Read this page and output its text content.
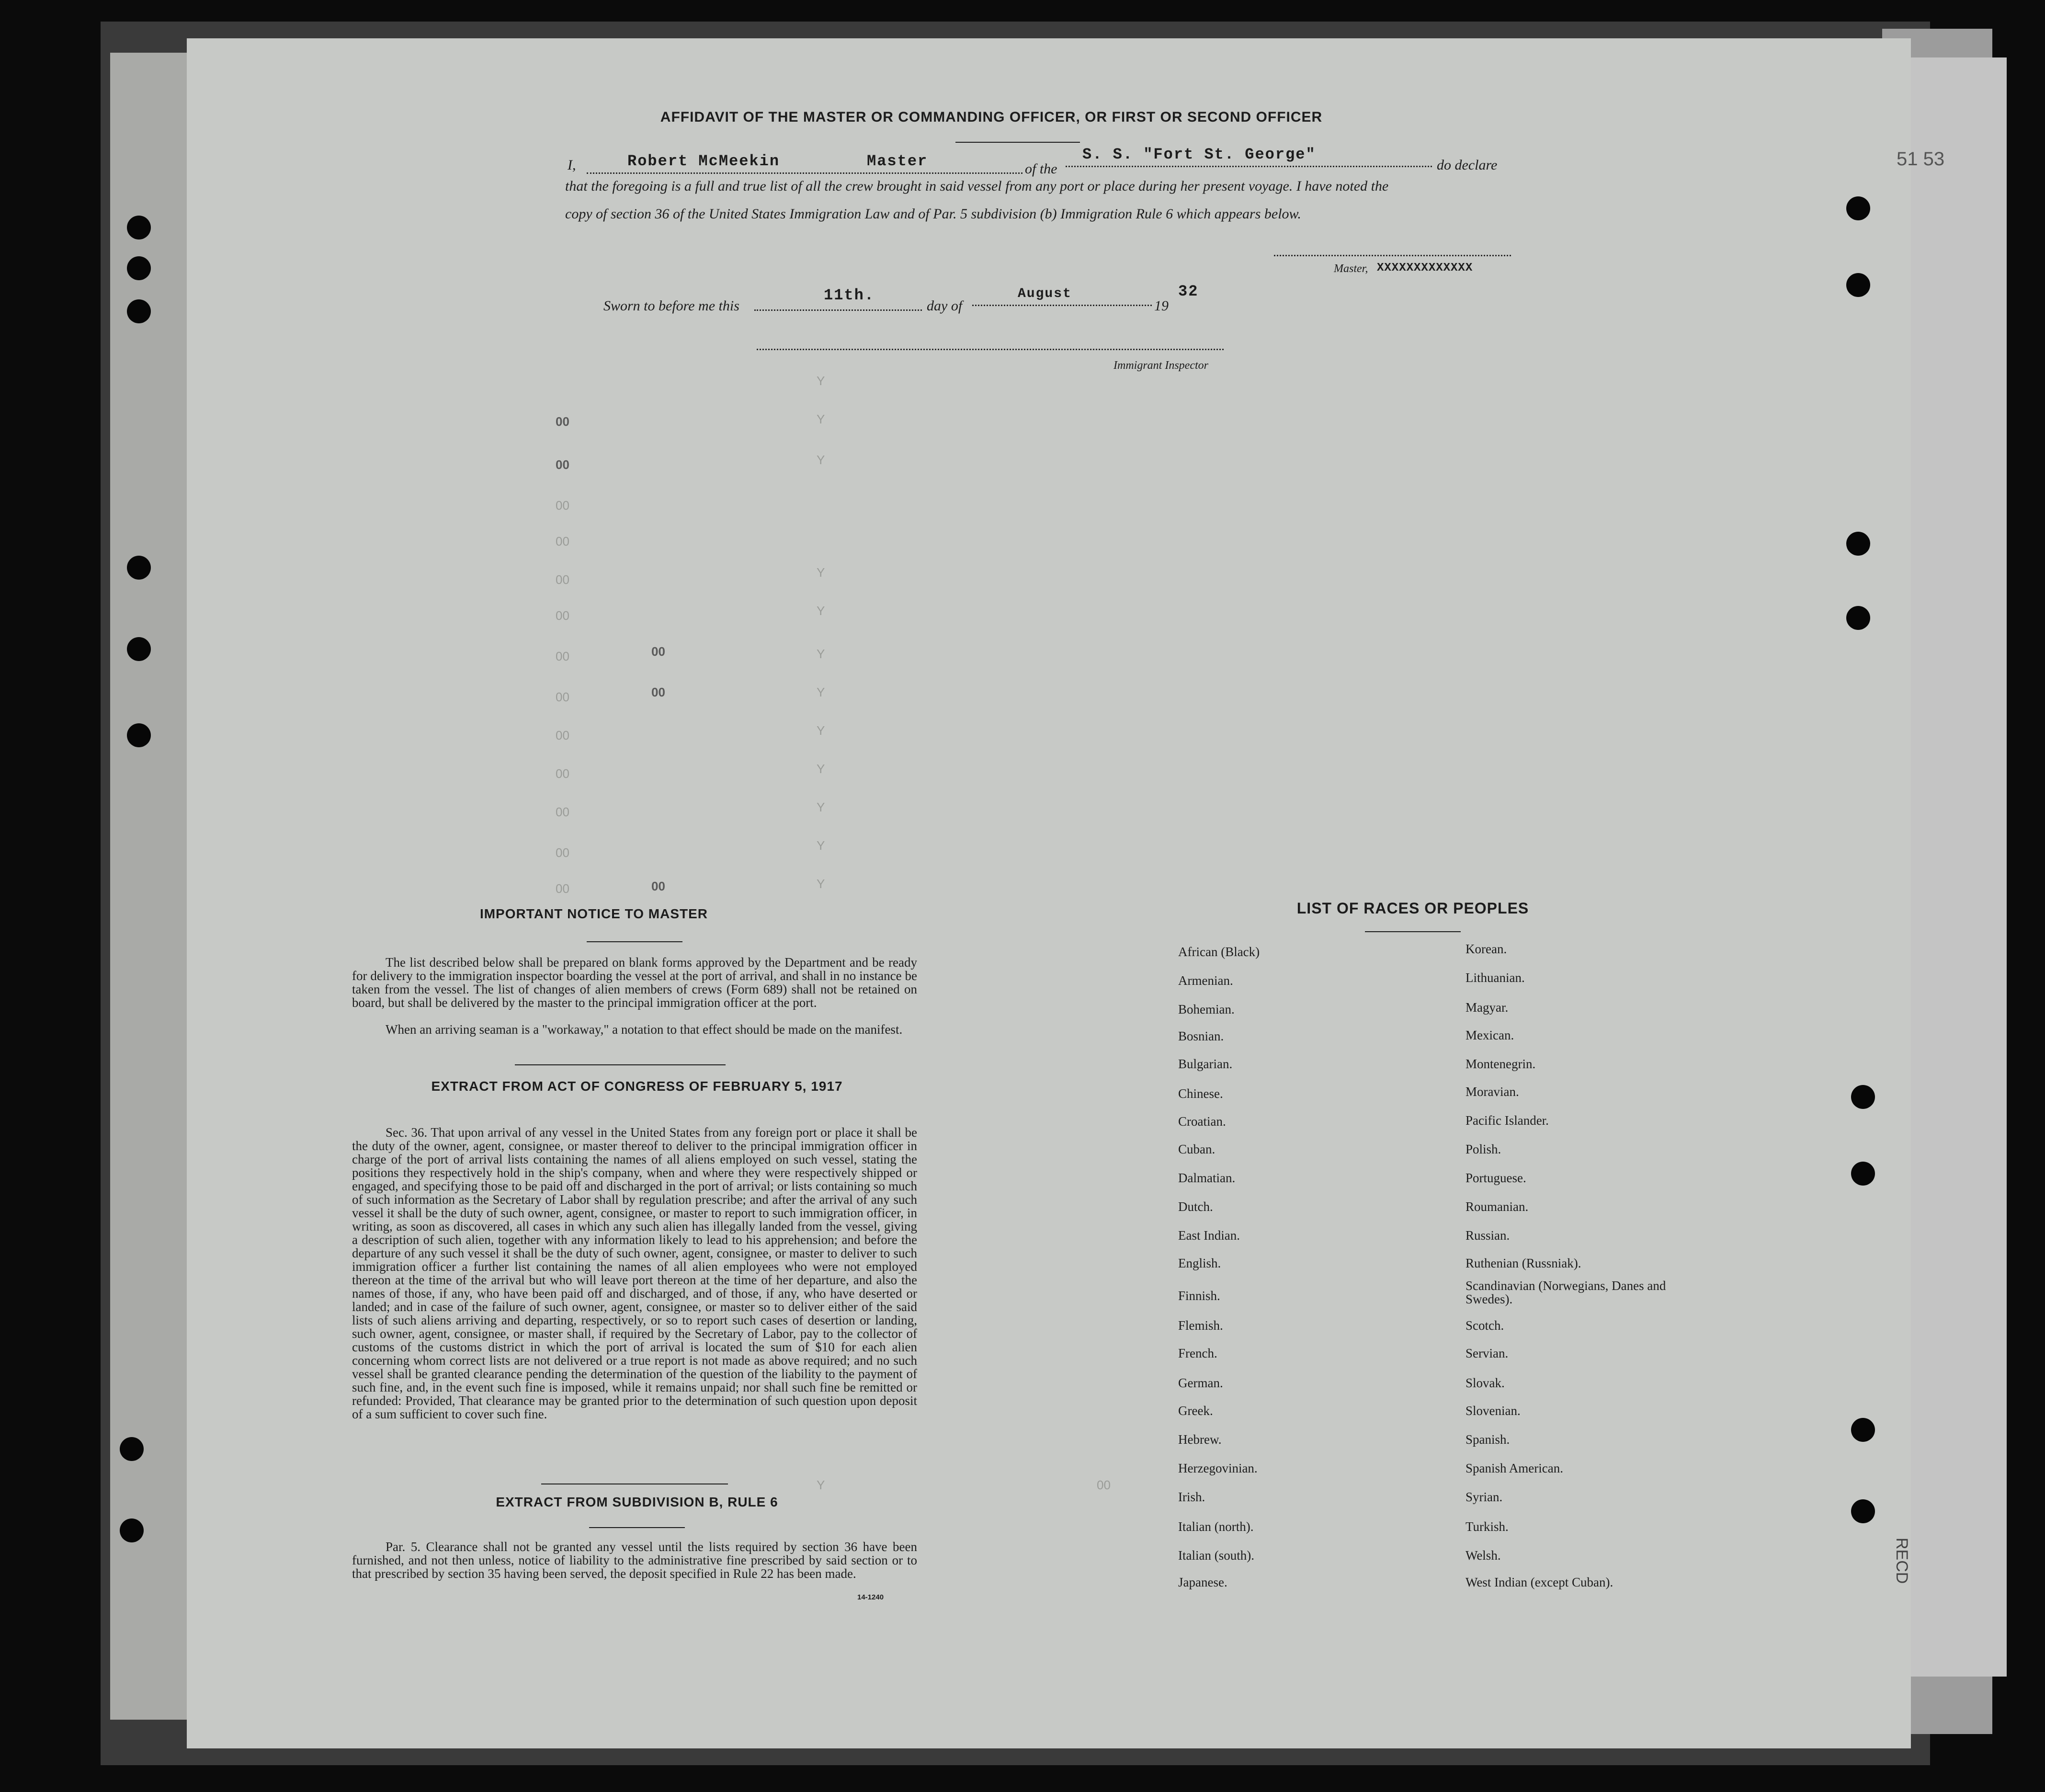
51 53
RECD
00
00
00
00
00
00
00	00
00	00
00
00
00
00
00	00
Y
Y
Y
Y
Y
Y
Y
Y
Y
Y
Y
Y
Y	00
AFFIDAVIT OF THE MASTER OR COMMANDING OFFICER, OR FIRST OR SECOND OFFICER
I,	Robert McMeekin	Master	of the
S. S. "Fort St. George"
do declare
that the foregoing is a full and true list of all the crew brought in said vessel from any port or place during her present voyage. I have noted the
copy of section 36 of the United States Immigration Law and of Par. 5 subdivision (b) Immigration Rule 6 which appears below.
Master, XXXXXXXXXXXXX
Sworn to before me this
11th.
day of
August
19
32
Immigrant Inspector
IMPORTANT NOTICE TO MASTER
The list described below shall be prepared on blank forms approved by the Department and be ready for delivery to the immigration inspector boarding the vessel at the port of arrival, and shall in no instance be taken from the vessel. The list of changes of alien members of crews (Form 689) shall not be retained on board, but shall be delivered by the master to the principal immigration officer at the port.
When an arriving seaman is a "workaway," a notation to that effect should be made on the manifest.
EXTRACT FROM ACT OF CONGRESS OF FEBRUARY 5, 1917
Sec. 36. That upon arrival of any vessel in the United States from any foreign port or place it shall be the duty of the owner, agent, consignee, or master thereof to deliver to the principal immigration officer in charge of the port of arrival lists containing the names of all aliens employed on such vessel, stating the positions they respectively hold in the ship's company, when and where they were respectively shipped or engaged, and specifying those to be paid off and discharged in the port of arrival; or lists containing so much of such information as the Secretary of Labor shall by regulation prescribe; and after the arrival of any such vessel it shall be the duty of such owner, agent, consignee, or master to report to such immigration officer, in writing, as soon as discovered, all cases in which any such alien has illegally landed from the vessel, giving a description of such alien, together with any information likely to lead to his apprehension; and before the departure of any such vessel it shall be the duty of such owner, agent, consignee, or master to deliver to such immigration officer a further list containing the names of all alien employees who were not employed thereon at the time of the arrival but who will leave port thereon at the time of her departure, and also the names of those, if any, who have been paid off and discharged, and of those, if any, who have deserted or landed; and in case of the failure of such owner, agent, consignee, or master so to deliver either of the said lists of such aliens arriving and departing, respectively, or so to report such cases of desertion or landing, such owner, agent, consignee, or master shall, if required by the Secretary of Labor, pay to the collector of customs of the customs district in which the port of arrival is located the sum of $10 for each alien concerning whom correct lists are not delivered or a true report is not made as above required; and no such vessel shall be granted clearance pending the determination of the question of the liability to the payment of such fine, and, in the event such fine is imposed, while it remains unpaid; nor shall such fine be remitted or refunded: Provided, That clearance may be granted prior to the determination of such question upon deposit of a sum sufficient to cover such fine.
EXTRACT FROM SUBDIVISION B, RULE 6
Par. 5. Clearance shall not be granted any vessel until the lists required by section 36 have been furnished, and not then unless, notice of liability to the administrative fine prescribed by said section or to that prescribed by section 35 having been served, the deposit specified in Rule 22 has been made.
14-1240
LIST OF RACES OR PEOPLES
African (Black)
Armenian.
Bohemian.
Bosnian.
Bulgarian.
Chinese.
Croatian.
Cuban.
Dalmatian.
Dutch.
East Indian.
English.
Finnish.
Flemish.
French.
German.
Greek.
Hebrew.
Herzegovinian.
Irish.
Italian (north).
Italian (south).
Japanese.
Korean.
Lithuanian.
Magyar.
Mexican.
Montenegrin.
Moravian.
Pacific Islander.
Polish.
Portuguese.
Roumanian.
Russian.
Ruthenian (Russniak).
Scandinavian (Norwegians, Danes and Swedes).
Scotch.
Servian.
Slovak.
Slovenian.
Spanish.
Spanish American.
Syrian.
Turkish.
Welsh.
West Indian (except Cuban).
